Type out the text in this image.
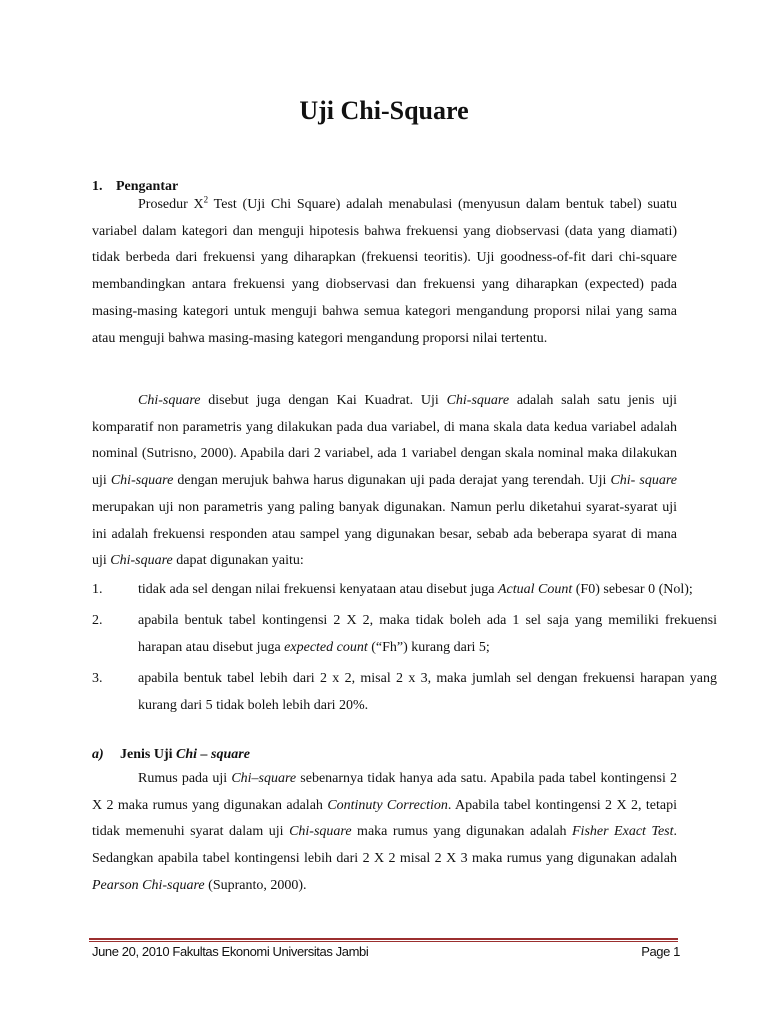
Uji Chi-Square

1. Pengantar

Prosedur $X^2$ Test (Uji Chi Square) adalah menabulasi (menyusun dalam bentuk tabel) suatu variabel dalam kategori dan menguji hipotesis bahwa frekuensi yang diobservasi (data yang diamati) tidak berbeda dari frekuensi yang diharapkan (frekuensi teoritis). Uji goodness-of-fit dari chi-square membandingkan antara frekuensi yang diobservasi dan frekuensi yang diharapkan (expected) pada masing-masing kategori untuk menguji bahwa semua kategori mengandung proporsi nilai yang sama atau menguji bahwa masing-masing kategori mengandung proporsi nilai tertentu.

Chi-square disebut juga dengan Kai Kuadrat. Uji Chi-square adalah salah satu jenis uji komparatif non parametris yang dilakukan pada dua variabel, di mana skala data kedua variabel adalah nominal (Sutrisno, 2000). Apabila dari 2 variabel, ada 1 variabel dengan skala nominal maka dilakukan uji Chi-square dengan merujuk bahwa harus digunakan uji pada derajat yang terendah. Uji Chi- square merupakan uji non parametris yang paling banyak digunakan. Namun perlu diketahui syarat-syarat uji ini adalah frekuensi responden atau sampel yang digunakan besar, sebab ada beberapa syarat di mana uji Chi-square dapat digunakan yaitu:

1.	tidak ada sel dengan nilai frekuensi kenyataan atau disebut juga Actual Count (F0) sebesar 0 (Nol);
2.	apabila bentuk tabel kontingensi 2 X 2, maka tidak boleh ada 1 sel saja yang memiliki frekuensi harapan atau disebut juga expected count (“Fh”) kurang dari 5;
3.	apabila bentuk tabel lebih dari 2 x 2, misal 2 x 3, maka jumlah sel dengan frekuensi harapan yang kurang dari 5 tidak boleh lebih dari 20%.

a) Jenis Uji Chi – square

Rumus pada uji Chi–square sebenarnya tidak hanya ada satu. Apabila pada tabel kontingensi 2 X 2 maka rumus yang digunakan adalah Continuty Correction. Apabila tabel kontingensi 2 X 2, tetapi tidak memenuhi syarat dalam uji Chi-square maka rumus yang digunakan adalah Fisher Exact Test. Sedangkan apabila tabel kontingensi lebih dari 2 X 2 misal 2 X 3 maka rumus yang digunakan adalah Pearson Chi-square (Supranto, 2000).

June 20, 2010 Fakultas Ekonomi Universitas Jambi	Page 1
